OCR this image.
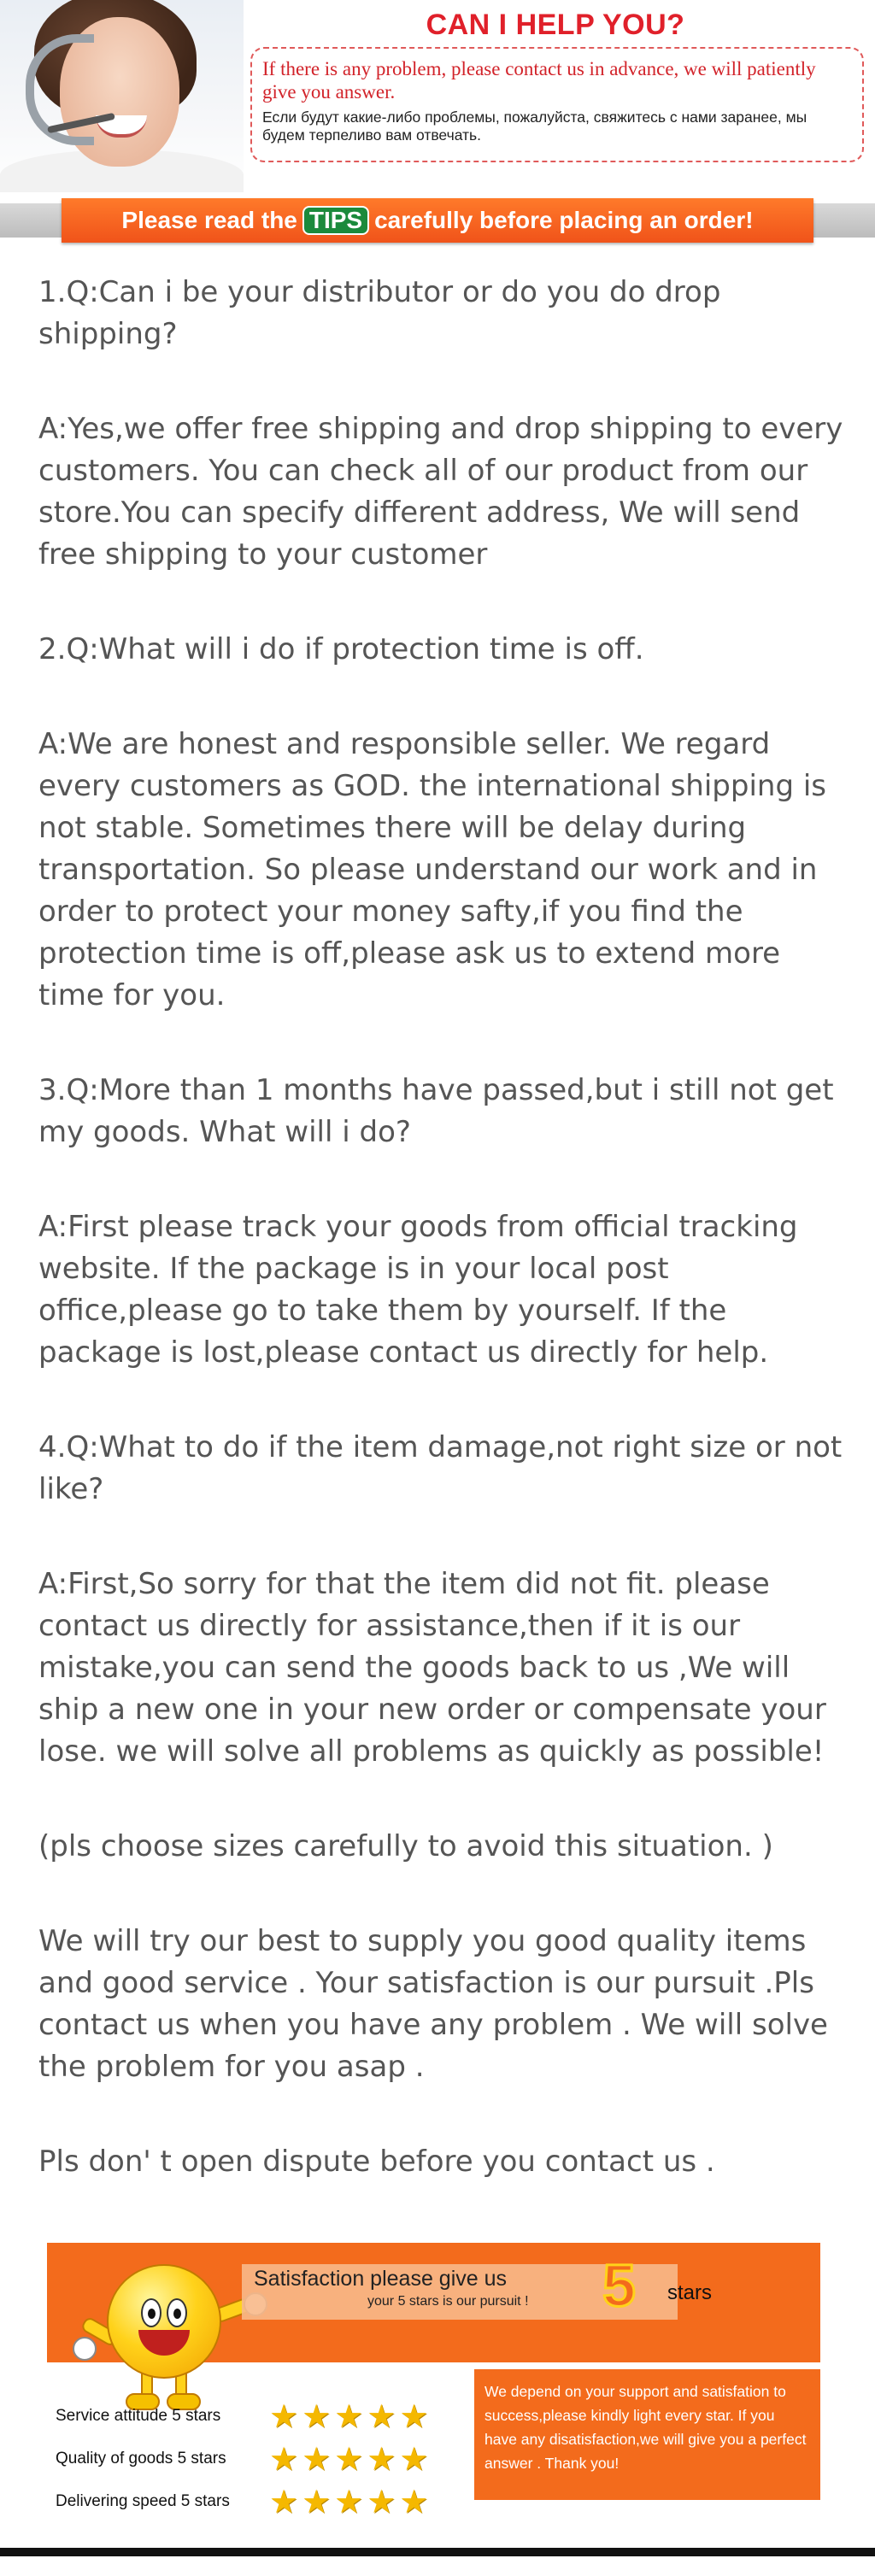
CAN I HELP YOU?

If there is any problem, please contact us in advance, we will patiently give you answer.

Если будут какие-либо проблемы, пожалуйста, свяжитесь с нами заранее, мы будем терпеливо вам отвечать.

Please read the TIPS carefully before placing an order!

1.Q:Can i be your distributor or do you do drop shipping?

A:Yes,we offer free shipping and drop shipping to every customers. You can check all of our product from our store.You can specify different address, We will send free shipping to your customer

2.Q:What will i do if protection time is off.

A:We are honest and responsible seller. We regard every customers as GOD. the international shipping is not stable. Sometimes there will be delay during transportation. So please understand our work and in order to protect your money safty,if you find the protection time is off,please ask us to extend more time for you.

3.Q:More than 1 months have passed,but i still not get my goods. What will i do?

A:First please track your goods from official tracking website. If the package is in your local post office,please go to take them by yourself. If the package is lost,please contact us directly for help.

4.Q:What to do if the item damage,not right size or not like?

A:First,So sorry for that the item did not fit. please contact us directly for assistance,then if it is our mistake,you can send the goods back to us ,We will ship a new one in your new order or compensate your lose. we will solve all problems as quickly as possible!

(pls choose sizes carefully to avoid this situation. )

We will try our best to supply you good quality items and good service . Your satisfaction is our pursuit .Pls contact us when you have any problem . We will solve the problem for you asap .

Pls don' t open dispute before you contact us .

Satisfaction please give us
your 5 stars is our pursuit ! 5 stars
Service attitude 5 stars	★ ★ ★ ★ ★
Quality of goods 5 stars	★ ★ ★ ★ ★
Delivering speed 5 stars	★ ★ ★ ★ ★
We depend on your support and satisfation to success,please kindly light every star. If you have any disatisfaction,we will give you a perfect answer . Thank you!
